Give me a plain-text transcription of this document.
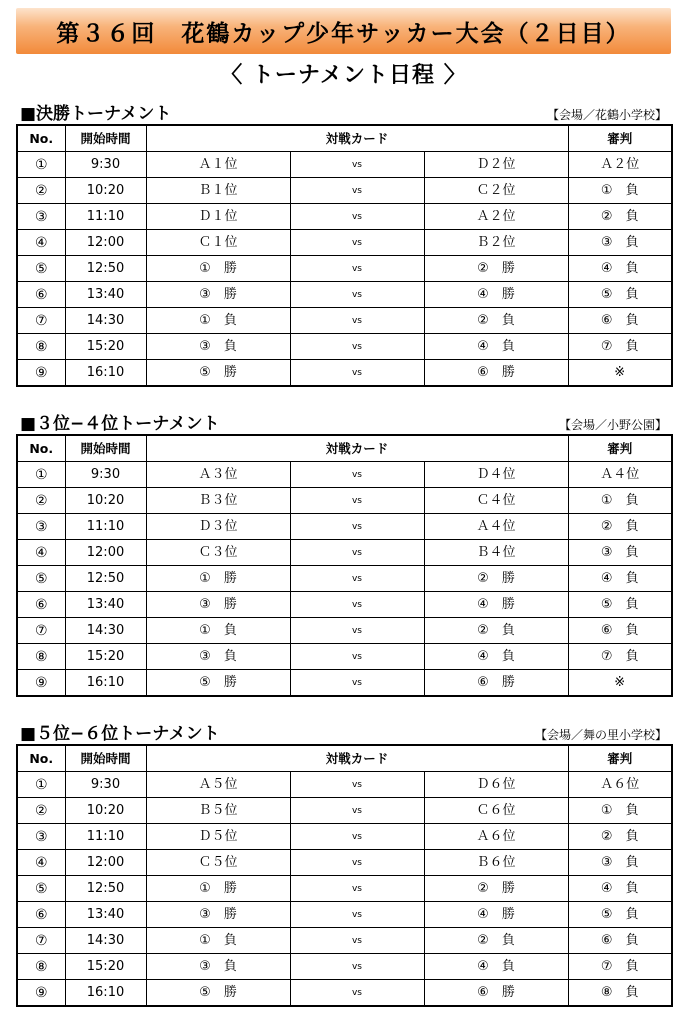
第３６回　花鶴カップ少年サッカー大会（２日目）
〈 トーナメント日程 〉
■決勝トーナメント	【会場／花鶴小学校】
No.	開始時間	対戦カード			審判
①	9:30	Ａ１位	vs	Ｄ２位	Ａ２位
②	10:20	Ｂ１位	vs	Ｃ２位	①　負
③	11:10	Ｄ１位	vs	Ａ２位	②　負
④	12:00	Ｃ１位	vs	Ｂ２位	③　負
⑤	12:50	①　勝	vs	②　勝	④　負
⑥	13:40	③　勝	vs	④　勝	⑤　負
⑦	14:30	①　負	vs	②　負	⑥　負
⑧	15:20	③　負	vs	④　負	⑦　負
⑨	16:10	⑤　勝	vs	⑥　勝	※
■３位−４位トーナメント	【会場／小野公園】
No.	開始時間	対戦カード			審判
①	9:30	Ａ３位	vs	Ｄ４位	Ａ４位
②	10:20	Ｂ３位	vs	Ｃ４位	①　負
③	11:10	Ｄ３位	vs	Ａ４位	②　負
④	12:00	Ｃ３位	vs	Ｂ４位	③　負
⑤	12:50	①　勝	vs	②　勝	④　負
⑥	13:40	③　勝	vs	④　勝	⑤　負
⑦	14:30	①　負	vs	②　負	⑥　負
⑧	15:20	③　負	vs	④　負	⑦　負
⑨	16:10	⑤　勝	vs	⑥　勝	※
■５位−６位トーナメント	【会場／舞の里小学校】
No.	開始時間	対戦カード			審判
①	9:30	Ａ５位	vs	Ｄ６位	Ａ６位
②	10:20	Ｂ５位	vs	Ｃ６位	①　負
③	11:10	Ｄ５位	vs	Ａ６位	②　負
④	12:00	Ｃ５位	vs	Ｂ６位	③　負
⑤	12:50	①　勝	vs	②　勝	④　負
⑥	13:40	③　勝	vs	④　勝	⑤　負
⑦	14:30	①　負	vs	②　負	⑥　負
⑧	15:20	③　負	vs	④　負	⑦　負
⑨	16:10	⑤　勝	vs	⑥　勝	⑧　負
